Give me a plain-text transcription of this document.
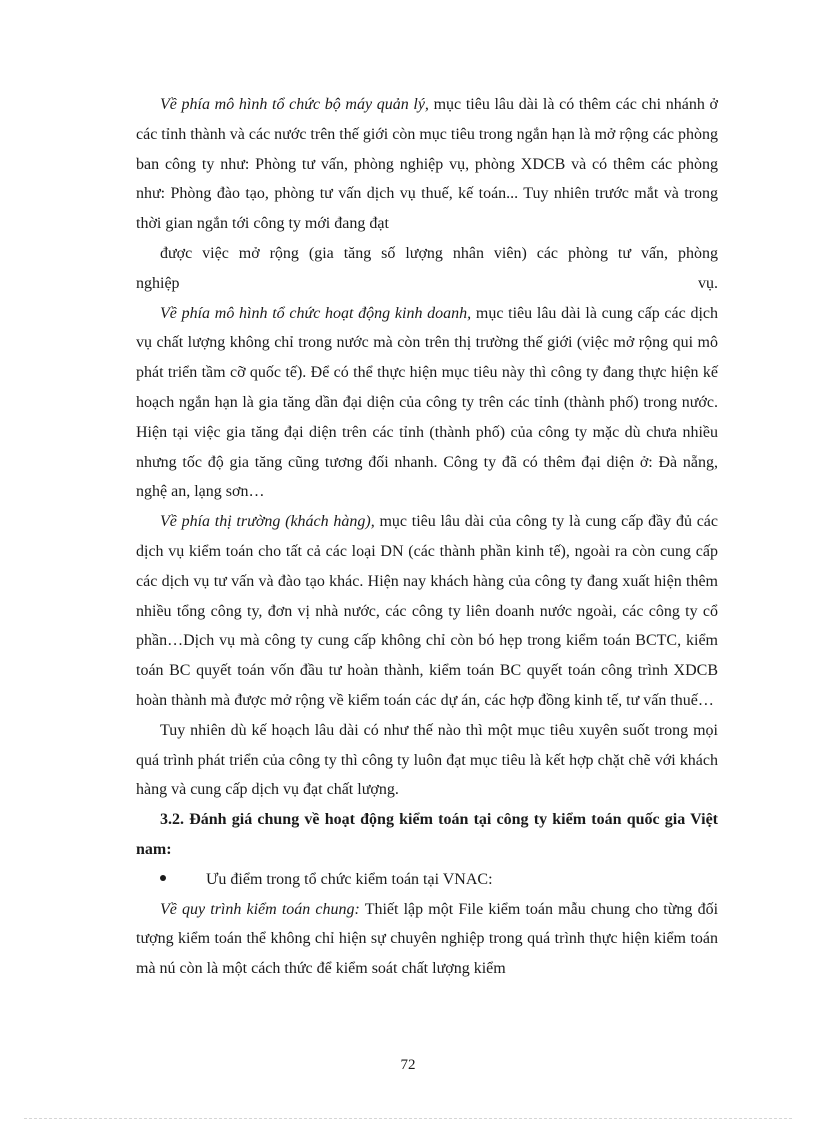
Về phía mô hình tổ chức bộ máy quản lý, mục tiêu lâu dài là có thêm các chi nhánh ở các tỉnh thành và các nước trên thế giới còn mục tiêu trong ngắn hạn là mở rộng các phòng ban công ty như: Phòng tư vấn, phòng nghiệp vụ, phòng XDCB và có thêm các phòng như: Phòng đào tạo, phòng tư vấn dịch vụ thuế, kế toán... Tuy nhiên trước mắt và trong thời gian ngắn tới công ty mới đang đạt

được việc mở rộng (gia tăng số lượng nhân viên) các phòng tư vấn, phòng

nghiệp	vụ.

Về phía mô hình tổ chức hoạt động kinh doanh, mục tiêu lâu dài là cung cấp các dịch vụ chất lượng không chỉ trong nước mà còn trên thị trường thế giới (việc mở rộng qui mô phát triển tầm cỡ quốc tế). Để có thể thực hiện mục tiêu này thì công ty đang thực hiện kế hoạch ngắn hạn là gia tăng dần đại diện của công ty trên các tỉnh (thành phố) trong nước. Hiện tại việc gia tăng đại diện trên các tỉnh (thành phố) của công ty mặc dù chưa nhiều nhưng tốc độ gia tăng cũng tương đối nhanh. Công ty đã có thêm đại diện ở: Đà nẵng, nghệ an, lạng sơn…

Về phía thị trường (khách hàng), mục tiêu lâu dài của công ty là cung cấp đầy đủ các dịch vụ kiểm toán cho tất cả các loại DN (các thành phần kinh tế), ngoài ra còn cung cấp các dịch vụ tư vấn và đào tạo khác. Hiện nay khách hàng của công ty đang xuất hiện thêm nhiều tổng công ty, đơn vị nhà nước, các công ty liên doanh nước ngoài, các công ty cổ phần…Dịch vụ mà công ty cung cấp không chỉ còn bó hẹp trong kiểm toán BCTC, kiểm toán BC quyết toán vốn đầu tư hoàn thành, kiểm toán BC quyết toán công trình XDCB hoàn thành mà được mở rộng về kiểm toán các dự án, các hợp đồng kinh tế, tư vấn thuế…

Tuy nhiên dù kế hoạch lâu dài có như thế nào thì một mục tiêu xuyên suốt trong mọi quá trình phát triển của công ty thì công ty luôn đạt mục tiêu là kết hợp chặt chẽ với khách hàng và cung cấp dịch vụ đạt chất lượng.

3.2. Đánh giá chung về hoạt động kiểm toán tại công ty kiểm toán quốc gia Việt nam:

Ưu điểm trong tổ chức kiểm toán tại VNAC:

Về quy trình kiểm toán chung: Thiết lập một File kiểm toán mẫu chung cho từng đối tượng kiểm toán thể không chỉ hiện sự chuyên nghiệp trong quá trình thực hiện kiểm toán mà nú còn là một cách thức để kiểm soát chất lượng kiểm

72
